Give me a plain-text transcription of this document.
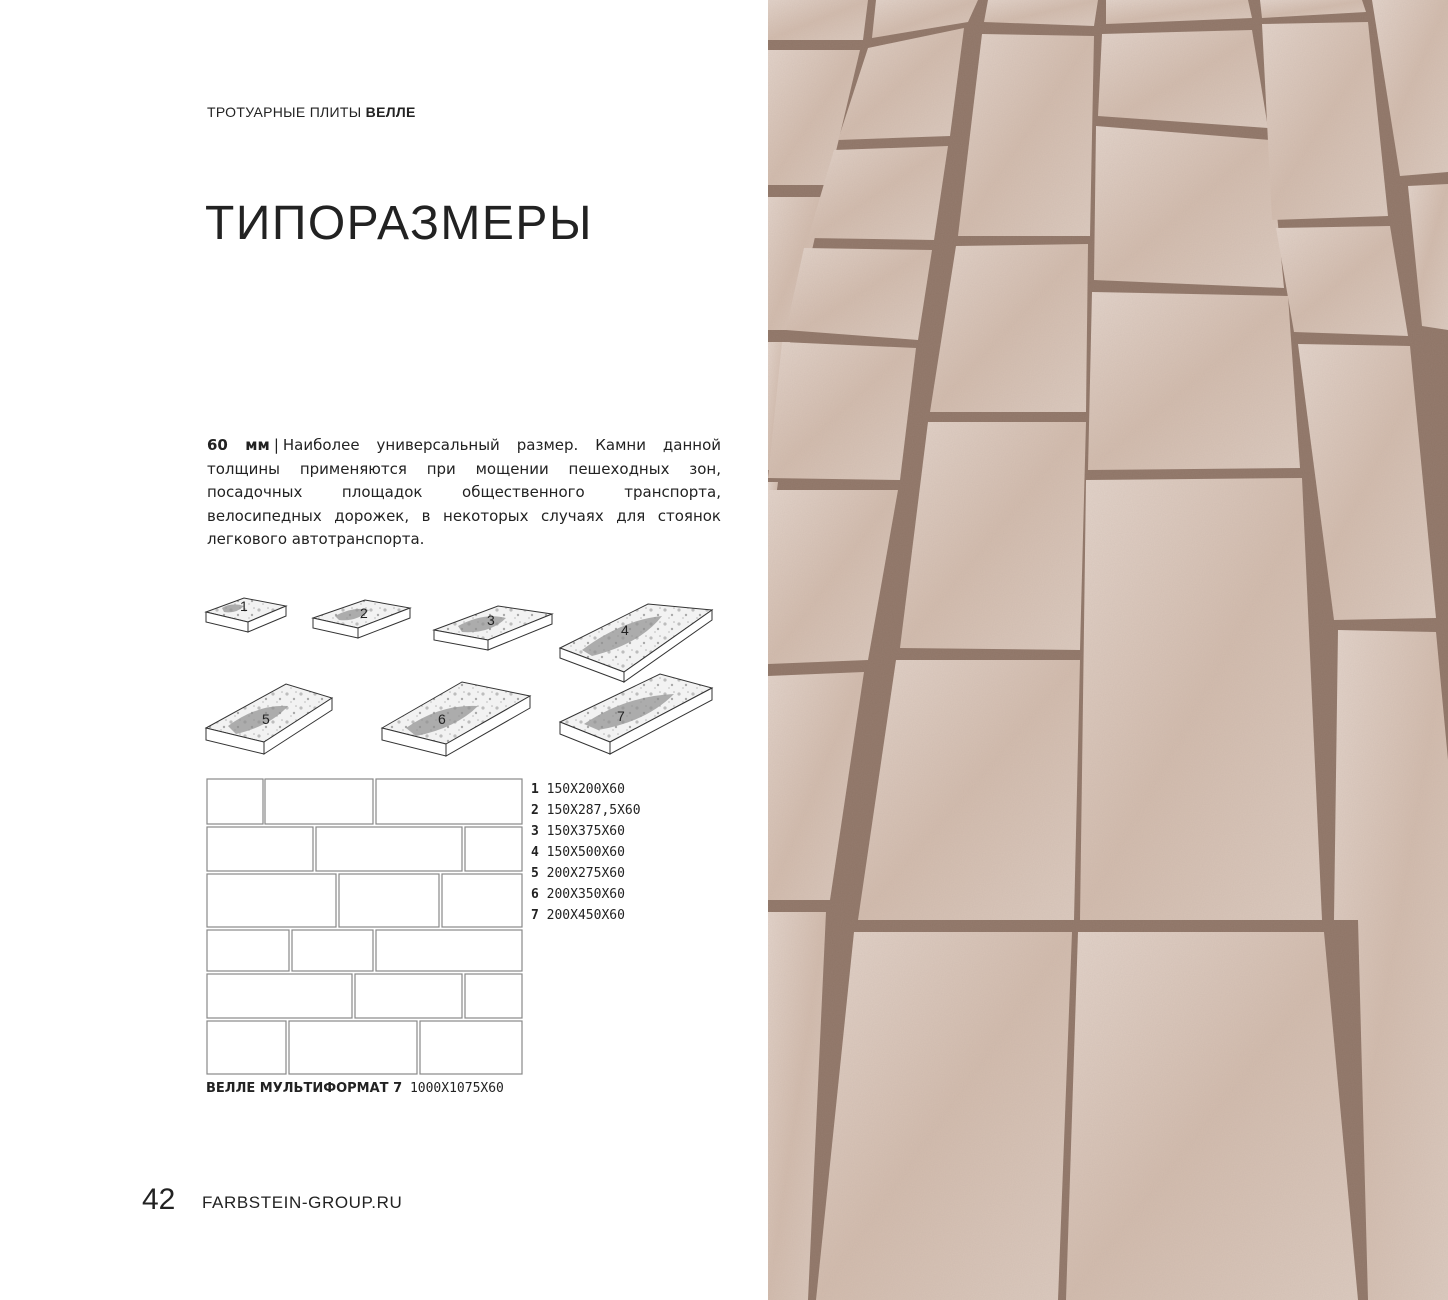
ТРОТУАРНЫЕ ПЛИТЫ ВЕЛЛЕ
ТИПОРАЗМЕРЫ
60 мм | Наиболее универсальный размер. Камни данной толщины применяются при мощении пешеходных зон, посадочных площадок общественного транспорта, велосипедных дорожек, в некоторых случаях для стоянок легкового автотранспорта.
1	2	3
4
5	6	7
1 150X200X60
2 150X287,5X60
3 150X375X60
4 150X500X60
5 200X275X60
6 200X350X60
7 200X450X60
ВЕЛЛЕ МУЛЬТИФОРМАТ 7 1000X1075X60
42 FARBSTEIN-GROUP.RU
